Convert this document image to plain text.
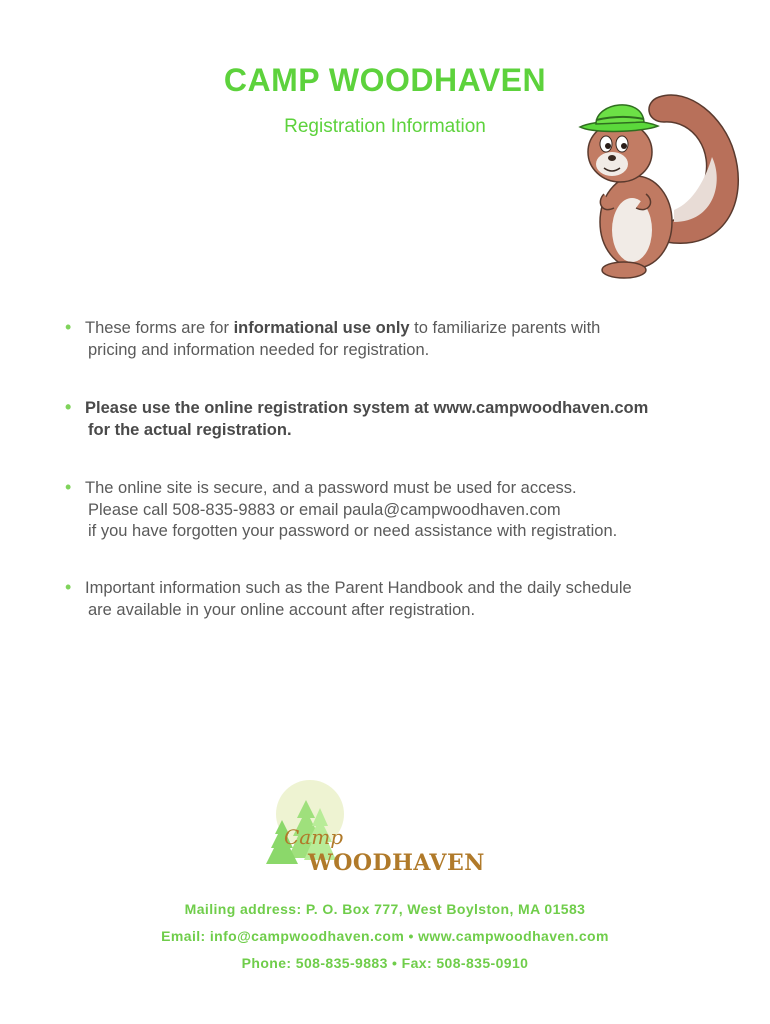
CAMP WOODHAVEN
Registration Information
• These forms are for informational use only to familiarize parents with
pricing and information needed for registration.
• Please use the online registration system at www.campwoodhaven.com
for the actual registration.
• The online site is secure, and a password must be used for access.
Please call 508-835-9883 or email paula@campwoodhaven.com
if you have forgotten your password or need assistance with registration.
• Important information such as the Parent Handbook and the daily schedule
are available in your online account after registration.
Camp
WOODHAVEN
Mailing address: P. O. Box 777, West Boylston, MA 01583
Email: info@campwoodhaven.com • www.campwoodhaven.com
Phone: 508-835-9883 • Fax: 508-835-0910
